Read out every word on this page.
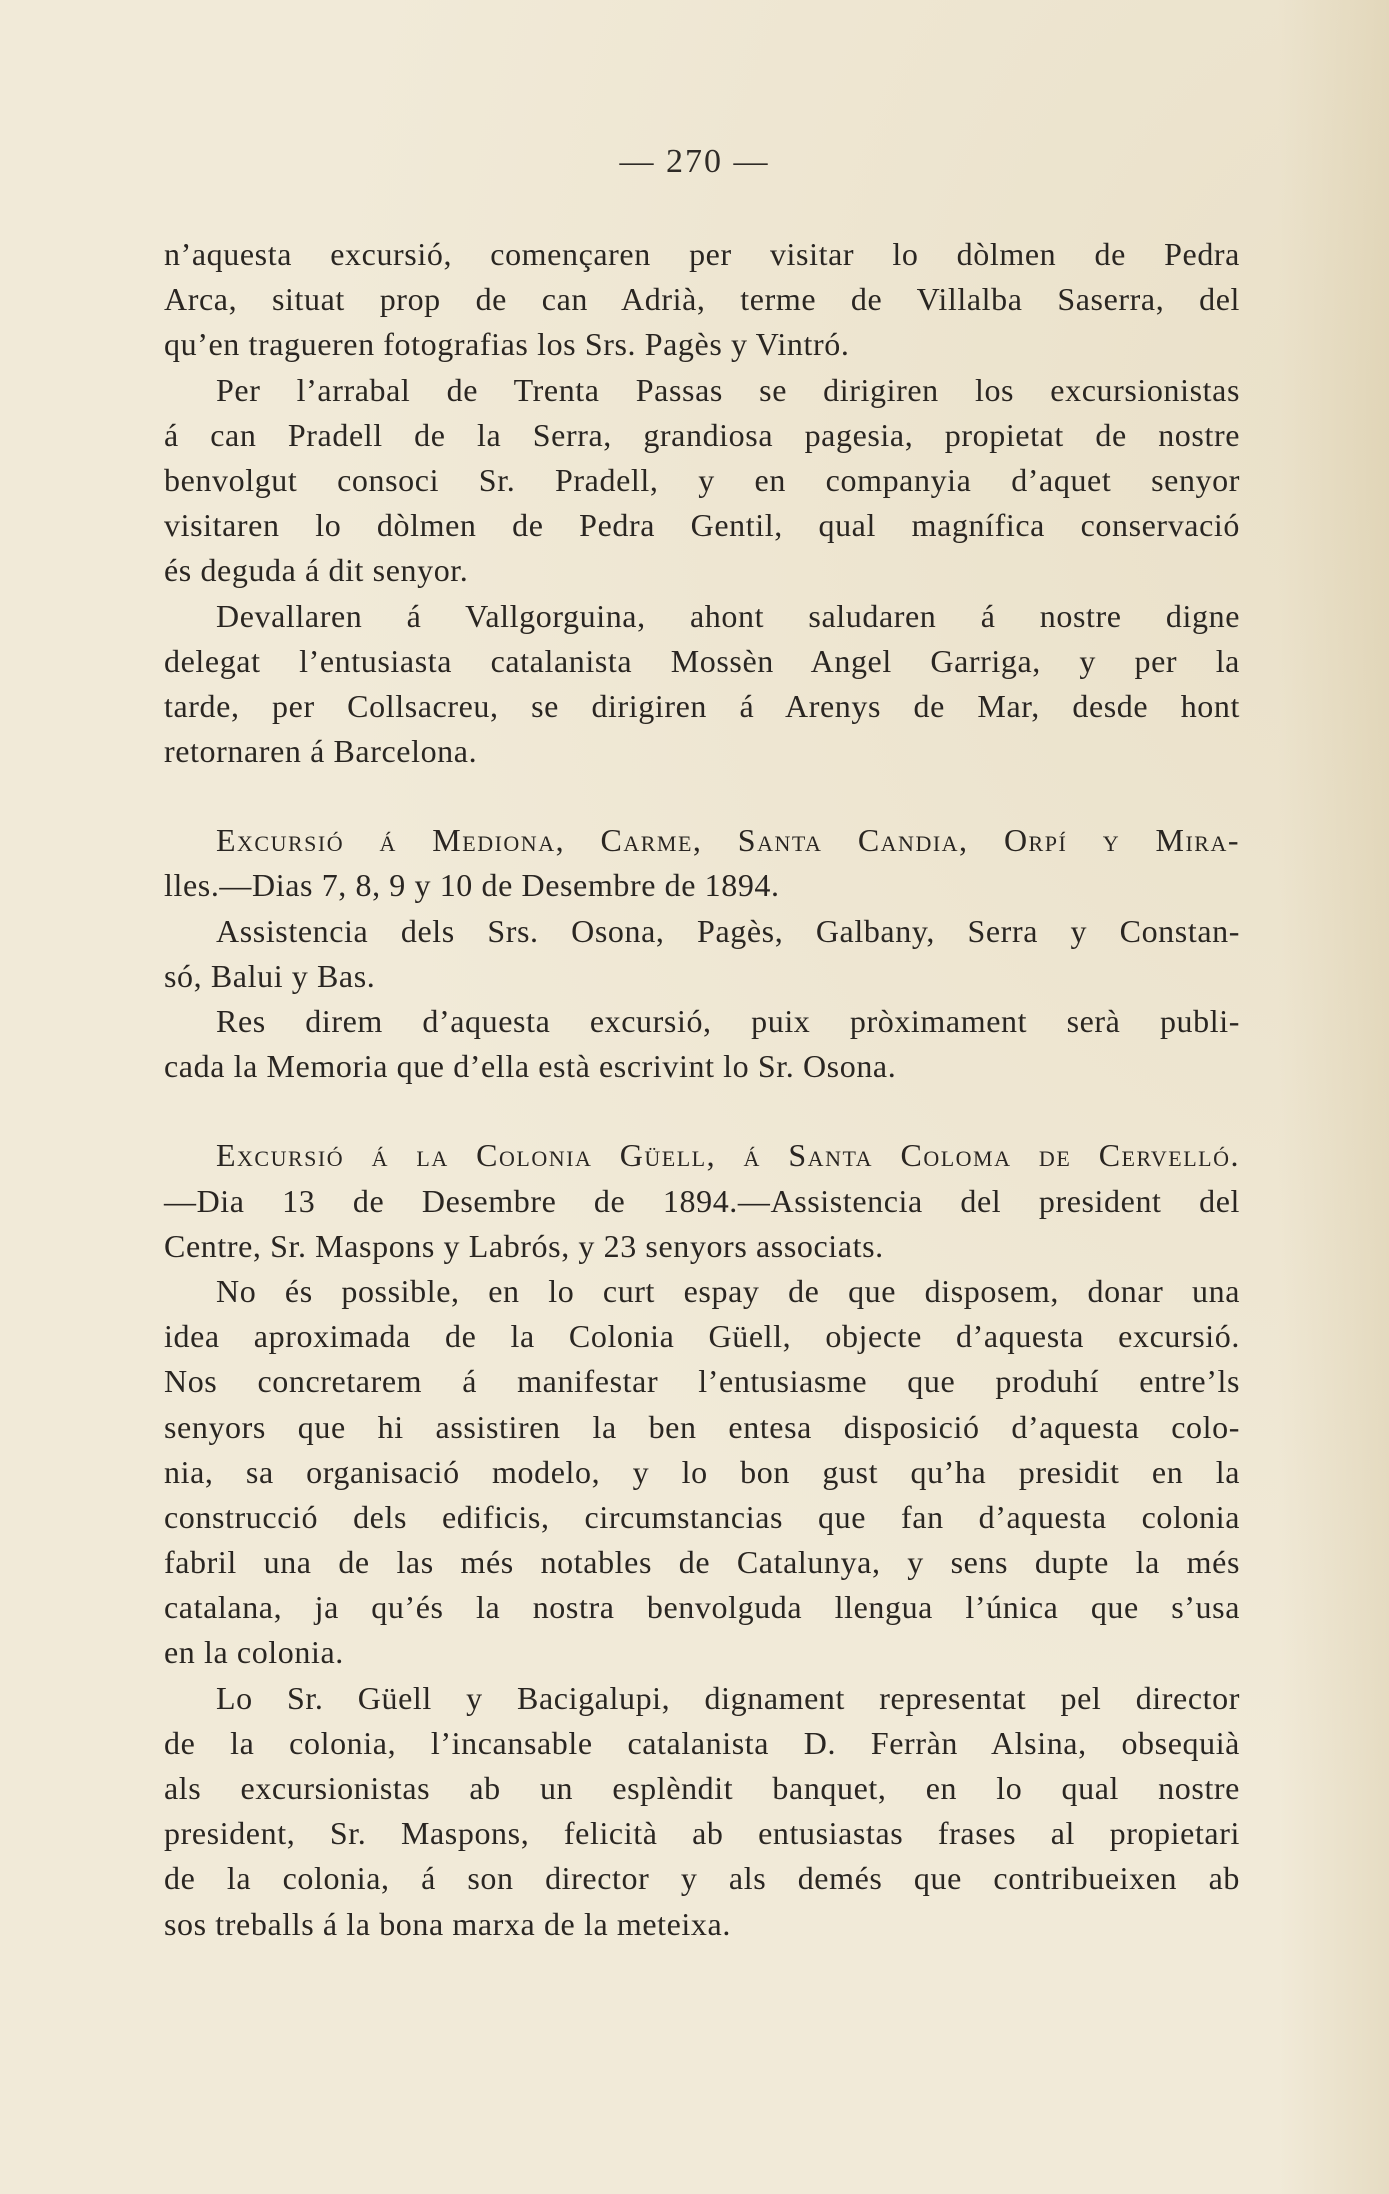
— 270 —
n’aquesta excursió, començaren per visitar lo dòlmen de Pedra
Arca, situat prop de can Adrià, terme de Villalba Saserra, del
qu’en tragueren fotografias los Srs. Pagès y Vintró.
Per l’arrabal de Trenta Passas se dirigiren los excursionistas
á can Pradell de la Serra, grandiosa pagesia, propietat de nostre
benvolgut consoci Sr. Pradell, y en companyia d’aquet senyor
visitaren lo dòlmen de Pedra Gentil, qual magnífica conservació
és deguda á dit senyor.
Devallaren á Vallgorguina, ahont saludaren á nostre digne
delegat l’entusiasta catalanista Mossèn Angel Garriga, y per la
tarde, per Collsacreu, se dirigiren á Arenys de Mar, desde hont
retornaren á Barcelona.
Excursió á Mediona, Carme, Santa Candia, Orpí y Mira-
lles.—Dias 7, 8, 9 y 10 de Desembre de 1894.
Assistencia dels Srs. Osona, Pagès, Galbany, Serra y Constan-
só, Balui y Bas.
Res direm d’aquesta excursió, puix pròximament serà publi-
cada la Memoria que d’ella està escrivint lo Sr. Osona.
Excursió á la Colonia Güell, á Santa Coloma de Cervelló.
—Dia 13 de Desembre de 1894.—Assistencia del president del
Centre, Sr. Maspons y Labrós, y 23 senyors associats.
No és possible, en lo curt espay de que disposem, donar una
idea aproximada de la Colonia Güell, objecte d’aquesta excursió.
Nos concretarem á manifestar l’entusiasme que produhí entre’ls
senyors que hi assistiren la ben entesa disposició d’aquesta colo-
nia, sa organisació modelo, y lo bon gust qu’ha presidit en la
construcció dels edificis, circumstancias que fan d’aquesta colonia
fabril una de las més notables de Catalunya, y sens dupte la més
catalana, ja qu’és la nostra benvolguda llengua l’única que s’usa
en la colonia.
Lo Sr. Güell y Bacigalupi, dignament representat pel director
de la colonia, l’incansable catalanista D. Ferràn Alsina, obsequià
als excursionistas ab un esplèndit banquet, en lo qual nostre
president, Sr. Maspons, felicità ab entusiastas frases al propietari
de la colonia, á son director y als demés que contribueixen ab
sos treballs á la bona marxa de la meteixa.
